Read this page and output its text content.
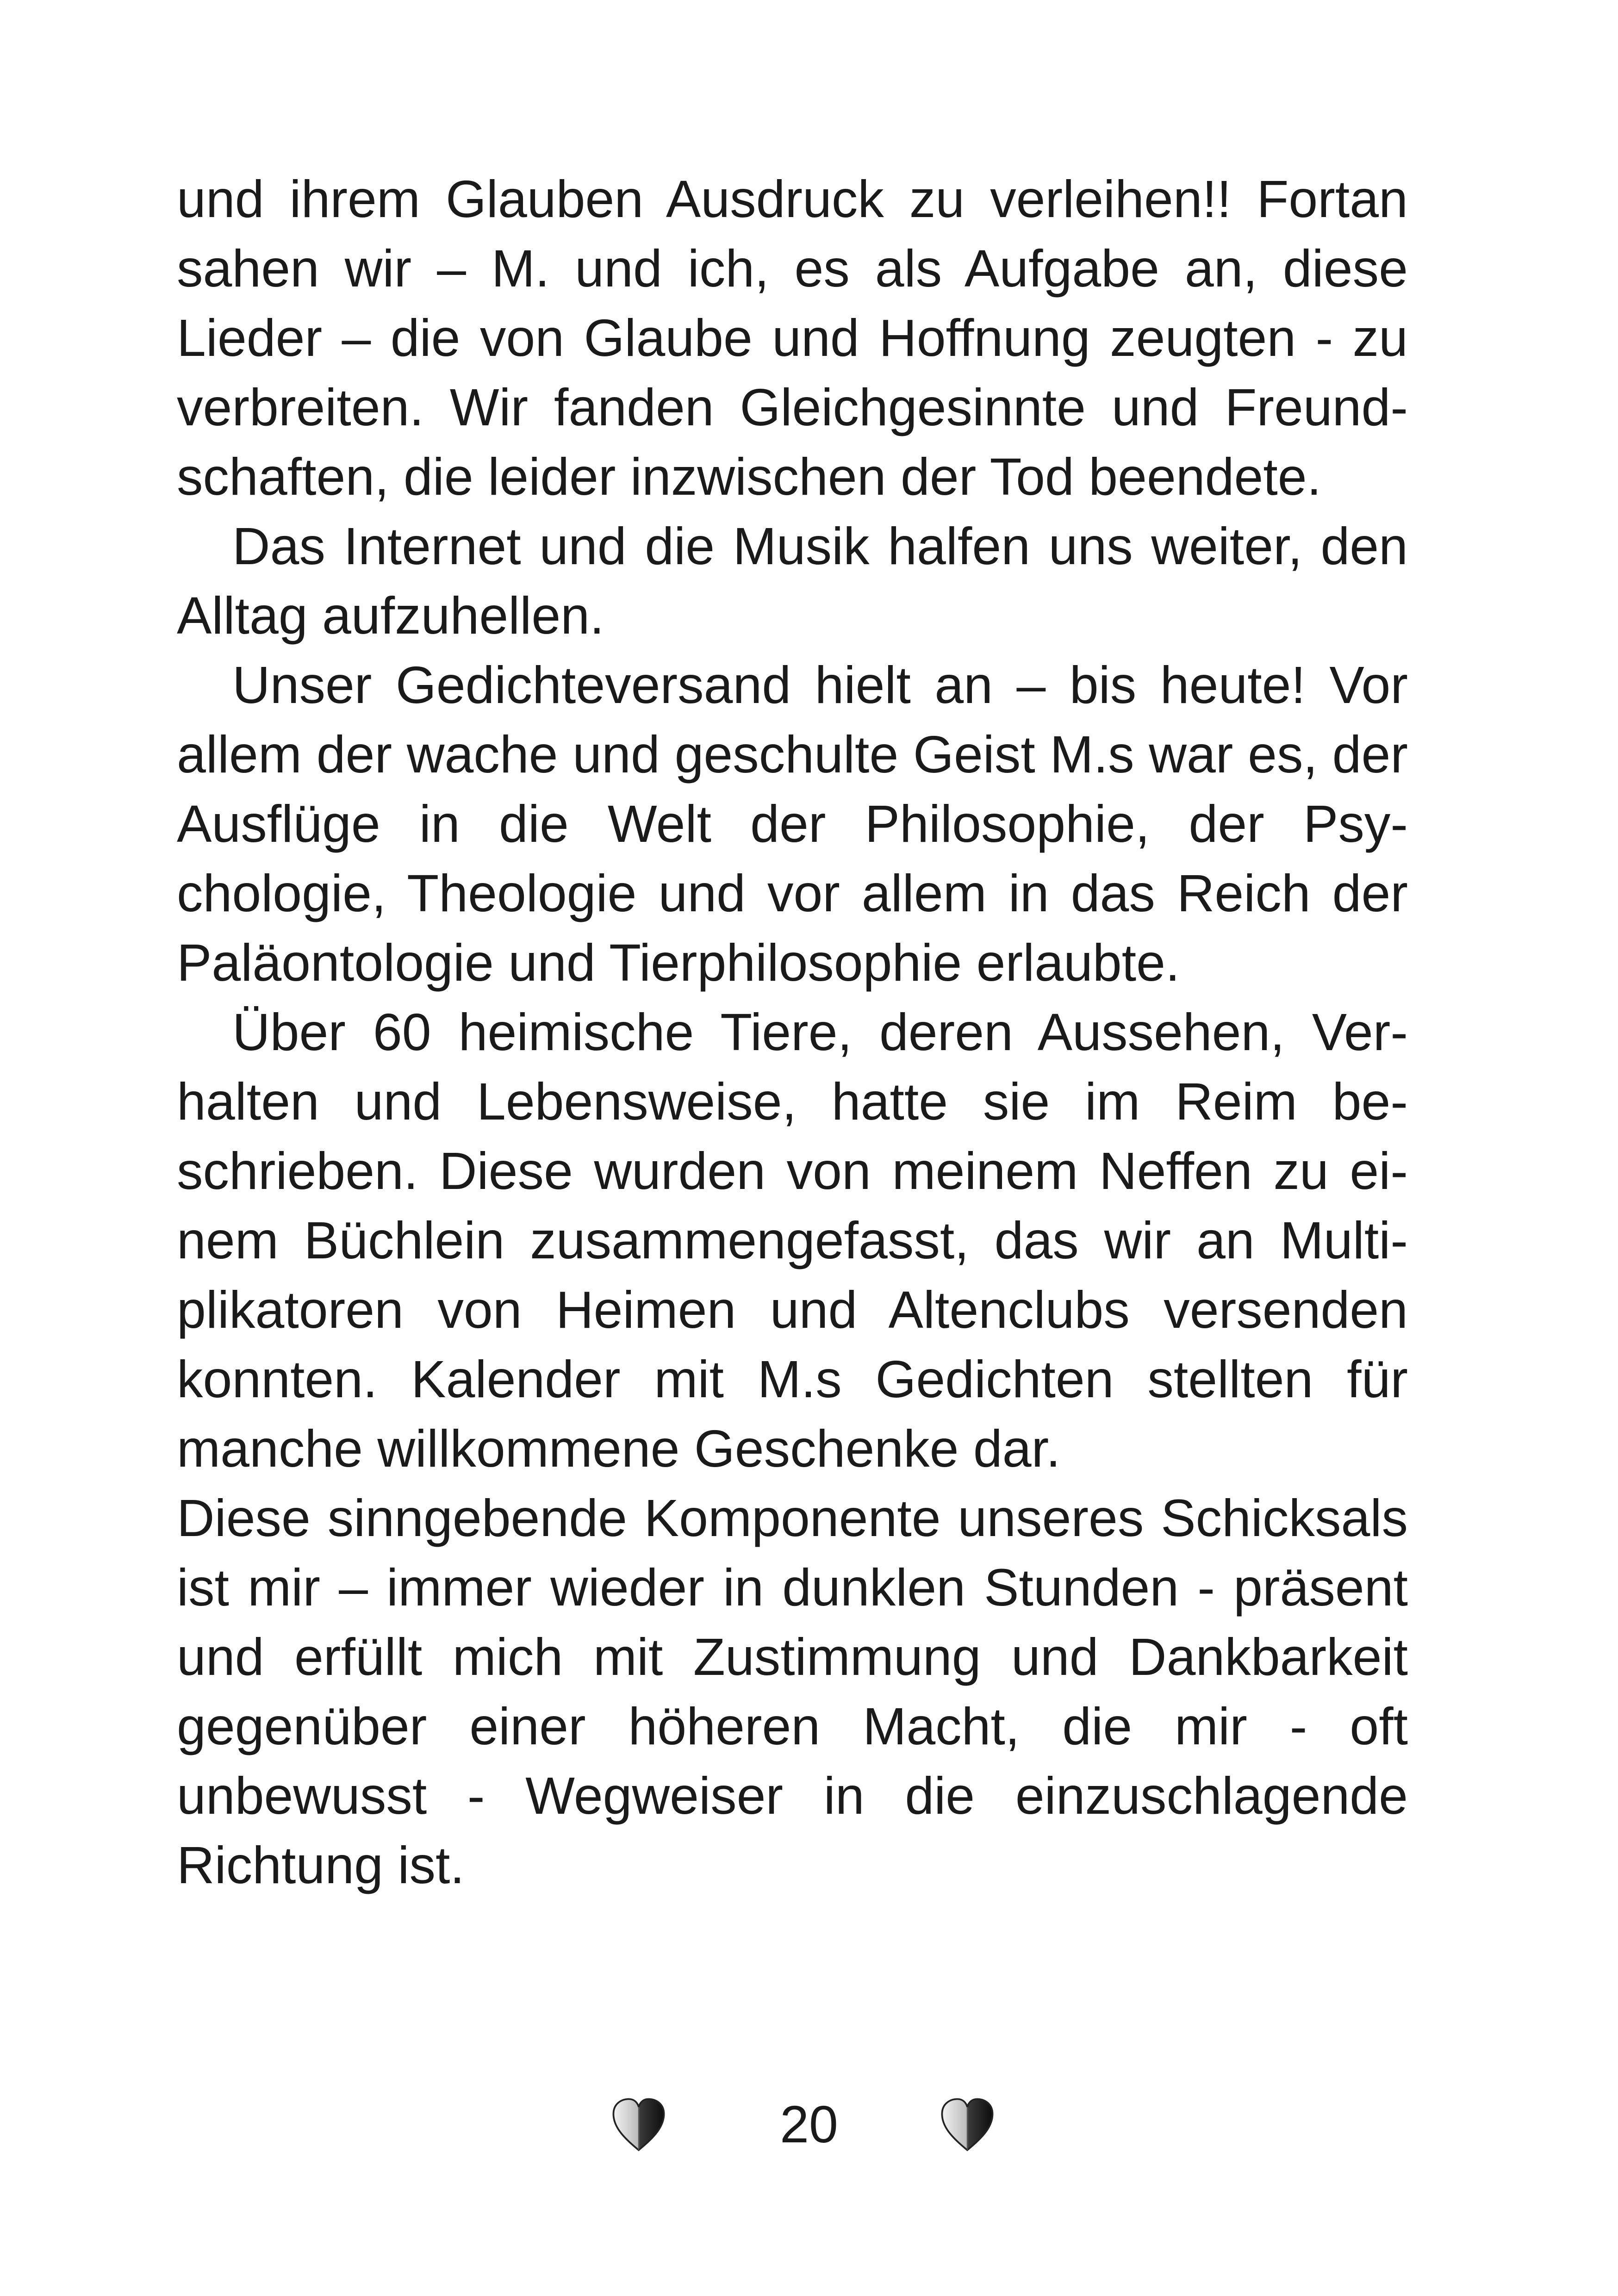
und ihrem Glauben Ausdruck zu verleihen!! Fortan sahen wir – M. und ich, es als Aufgabe an, diese Lieder – die von Glaube und Hoffnung zeugten - zu verbreiten. Wir fanden Gleichgesinnte und Freundschaften, die leider inzwischen der Tod beendete.

Das Internet und die Musik halfen uns weiter, den Alltag aufzuhellen.

Unser Gedichteversand hielt an – bis heute! Vor allem der wache und geschulte Geist M.s war es, der Ausflüge in die Welt der Philosophie, der Psychologie, Theologie und vor allem in das Reich der Paläontologie und Tierphilosophie erlaubte.

Über 60 heimische Tiere, deren Aussehen, Verhalten und Lebensweise, hatte sie im Reim beschrieben. Diese wurden von meinem Neffen zu einem Büchlein zusammengefasst, das wir an Multiplikatoren von Heimen und Altenclubs versenden konnten. Kalender mit M.s Gedichten stellten für manche willkommene Geschenke dar.

Diese sinngebende Komponente unseres Schicksals ist mir – immer wieder in dunklen Stunden - präsent und erfüllt mich mit Zustimmung und Dankbarkeit gegenüber einer höheren Macht, die mir - oft unbewusst - Wegweiser in die einzuschlagende Richtung ist.

20
